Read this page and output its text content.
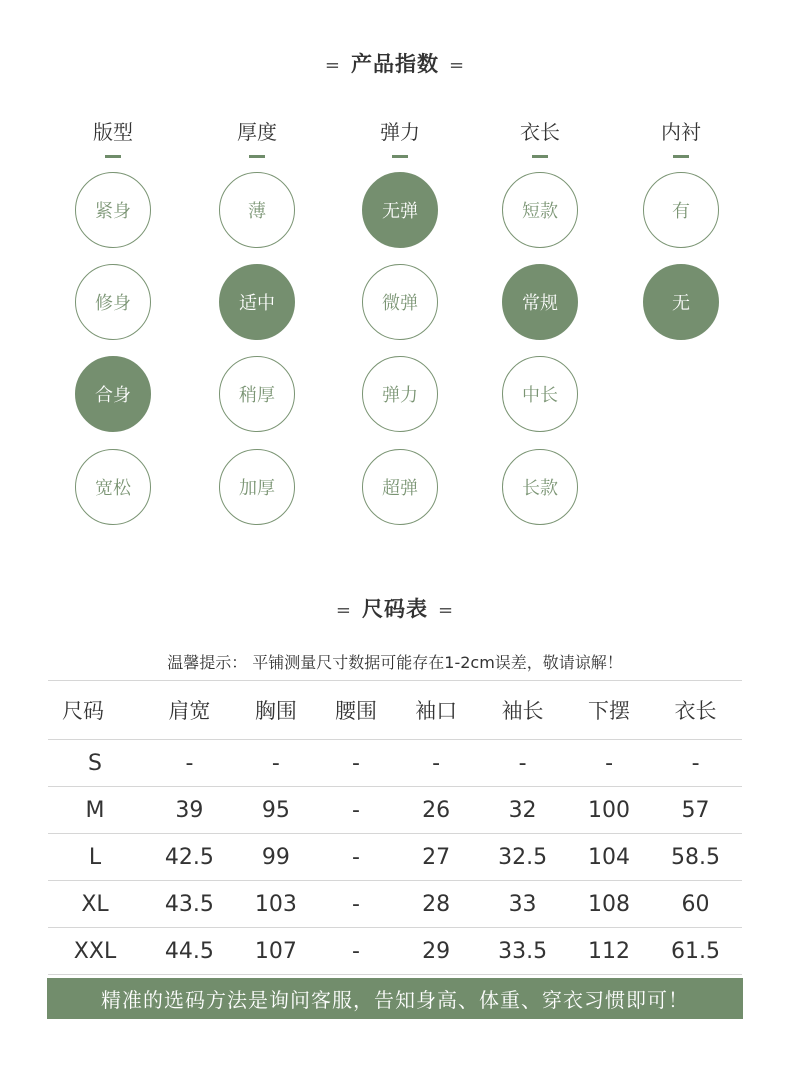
= 产品指数 =
版型
紧身
修身
合身
宽松
厚度
薄
适中
稍厚
加厚
弹力
无弹
微弹
弹力
超弹
衣长
短款
常规
中长
长款
内衬
有
无
= 尺码表 =
温馨提示： 平铺测量尺寸数据可能存在1-2cm误差，敬请谅解！
尺码	肩宽	胸围	腰围	袖口	袖长	下摆	衣长
S	-	-	-	-	-	-	-
M	39	95	-	26	32	100	57
L	42.5	99	-	27	32.5	104	58.5
XL	43.5	103	-	28	33	108	60
XXL	44.5	107	-	29	33.5	112	61.5
精准的选码方法是询问客服，告知身高、体重、穿衣习惯即可！
